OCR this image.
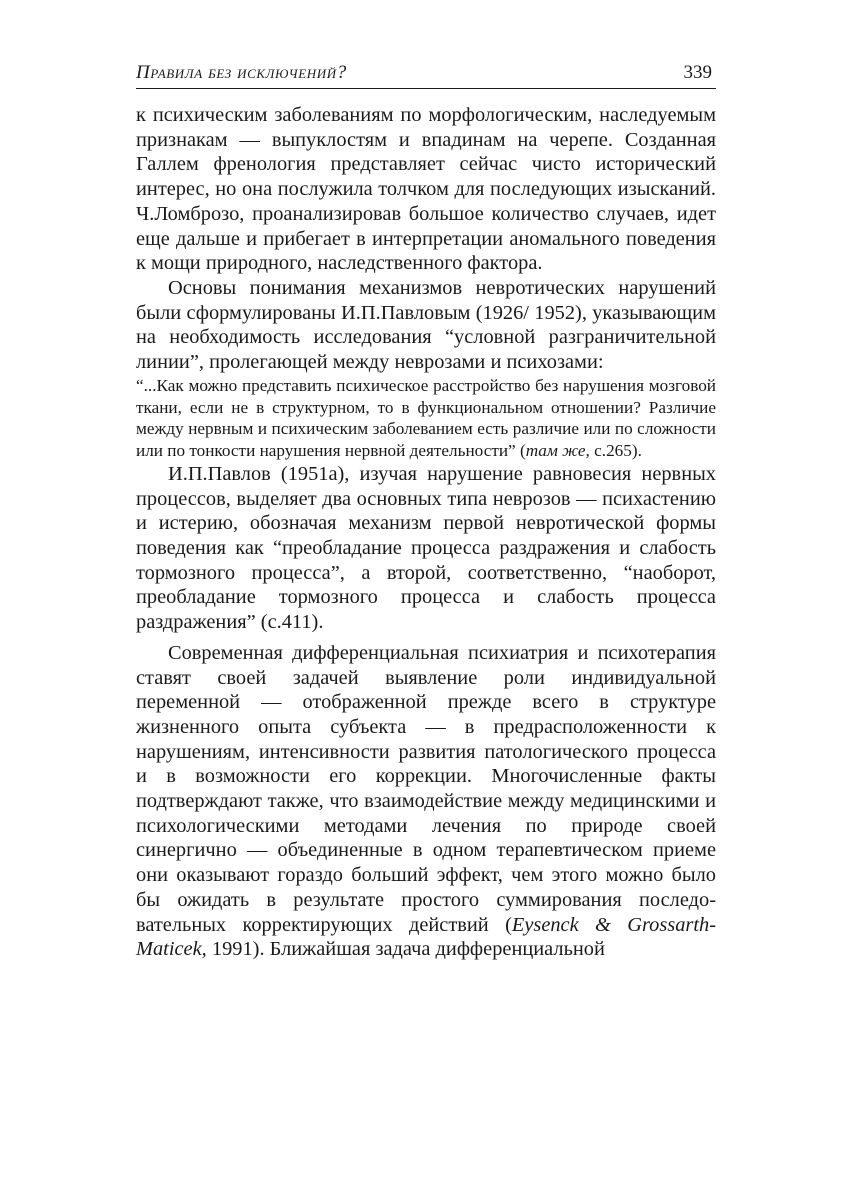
Правила без исключений?	339

к психическим заболеваниям по морфологическим, наследуемым признакам — выпуклостям и впадинам на черепе. Созданная Галлем френология представляет сейчас чисто исторический интерес, но она послужила толчком для последующих изысканий. Ч.Ломброзо, проанализировав большое количество случаев, идет еще дальше и прибегает в интерпретации аномального поведения к мощи природного, наследственного фактора.

Основы понимания механизмов невротических нарушений были сформулированы И.П.Павловым (1926/ 1952), указывающим на необходимость исследования “условной разграничительной линии”, пролегающей между неврозами и психозами:

“...Как можно представить психическое расстройство без нарушения мозговой ткани, если не в структурном, то в функциональном отношении? Различие между нервным и психическим заболеванием есть различие или по сложности или по тонкости нарушения нервной деятельности” (там же, с.265).

И.П.Павлов (1951а), изучая нарушение равновесия нервных процессов, выделяет два основных типа неврозов — психастению и истерию, обозначая механизм первой невротической формы поведения как “преобладание процесса раздражения и слабость тормозного процесса”, а второй, соответственно, “наоборот, преобладание тормозного процесса и слабость процесса раздражения” (с.411).

Современная дифференциальная психиатрия и психотерапия ставят своей задачей выявление роли индивидуальной переменной — отображенной прежде всего в структуре жизненного опыта субъекта — в предрасположенности к нарушениям, интенсивности развития патологического процесса и в возможности его коррекции. Многочисленные факты подтверждают также, что взаимодействие между медицинскими и психологическими методами лечения по природе своей синергично — объединенные в одном терапевтическом приеме они оказывают гораздо больший эффект, чем этого можно было бы ожидать в результате простого суммирования последовательных корректирующих действий (Eysenck & Grossarth-Maticek, 1991). Ближайшая задача дифференциальной
